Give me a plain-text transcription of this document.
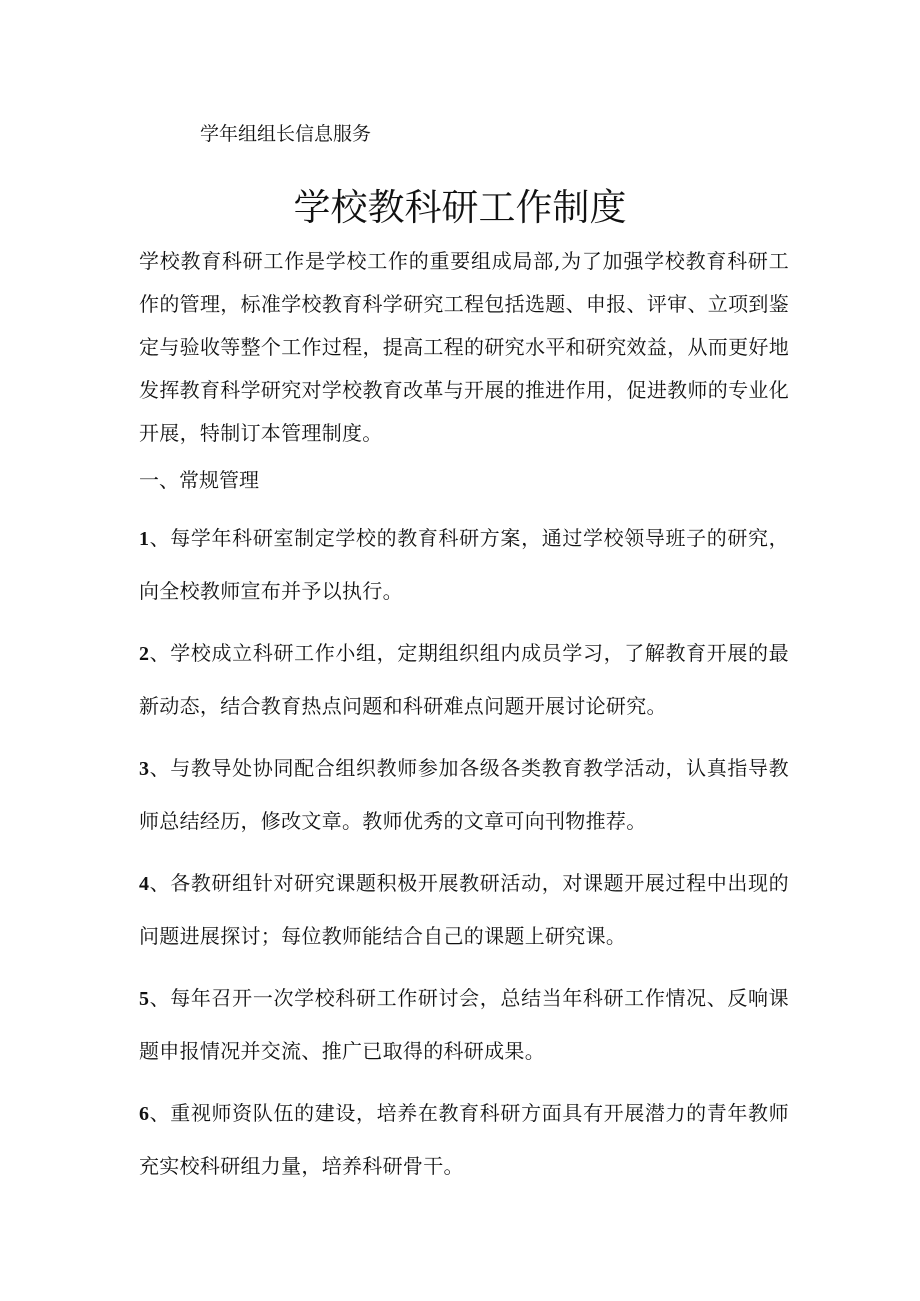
学年组组长信息服务
学校教科研工作制度

学校教育科研工作是学校工作的重要组成局部,为了加强学校教育科研工作的管理，标准学校教育科学研究工程包括选题、申报、评审、立项到鉴定与验收等整个工作过程，提高工程的研究水平和研究效益，从而更好地发挥教育科学研究对学校教育改革与开展的推进作用，促进教师的专业化开展，特制订本管理制度。

一、常规管理

1、每学年科研室制定学校的教育科研方案，通过学校领导班子的研究，向全校教师宣布并予以执行。

2、学校成立科研工作小组，定期组织组内成员学习，了解教育开展的最新动态，结合教育热点问题和科研难点问题开展讨论研究。

3、与教导处协同配合组织教师参加各级各类教育教学活动，认真指导教师总结经历，修改文章。教师优秀的文章可向刊物推荐。

4、各教研组针对研究课题积极开展教研活动，对课题开展过程中出现的问题进展探讨；每位教师能结合自己的课题上研究课。

5、每年召开一次学校科研工作研讨会，总结当年科研工作情况、反响课题申报情况并交流、推广已取得的科研成果。

6、重视师资队伍的建设，培养在教育科研方面具有开展潜力的青年教师充实校科研组力量，培养科研骨干。
